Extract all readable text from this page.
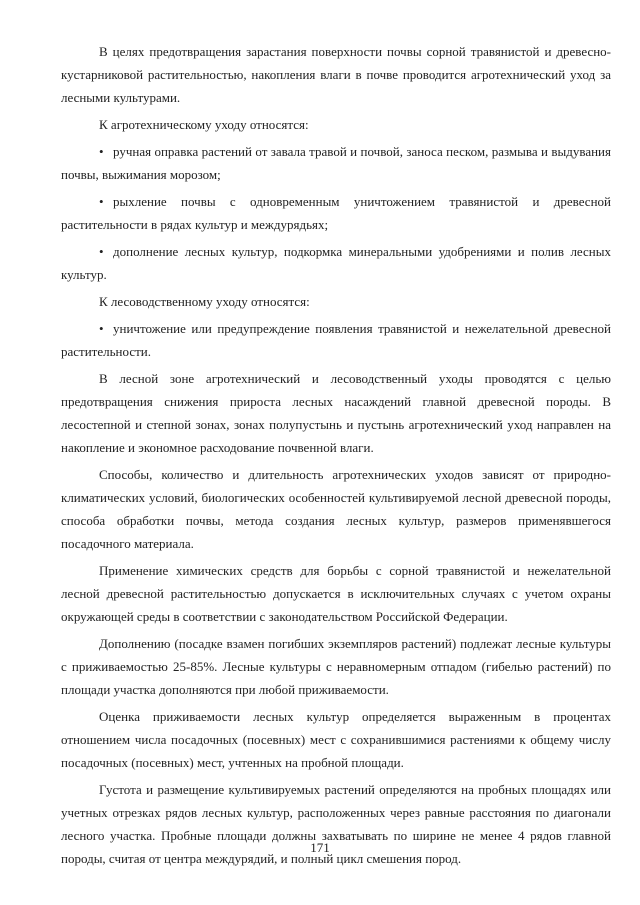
В целях предотвращения зарастания поверхности почвы сорной травянистой и древесно-кустарниковой растительностью, накопления влаги в почве проводится агротехнический уход за лесными культурами.

К агротехническому уходу относятся:

• ручная оправка растений от завала травой и почвой, заноса песком, размыва и выдувания почвы, выжимания морозом;

• рыхление почвы с одновременным уничтожением травянистой и древесной растительности в рядах культур и междурядьях;

• дополнение лесных культур, подкормка минеральными удобрениями и полив лесных культур.

К лесоводственному уходу относятся:

• уничтожение или предупреждение появления травянистой и нежелательной древесной растительности.

В лесной зоне агротехнический и лесоводственный уходы проводятся с целью предотвращения снижения прироста лесных насаждений главной древесной породы. В лесостепной и степной зонах, зонах полупустынь и пустынь агротехнический уход направлен на накопление и экономное расходование почвенной влаги.

Способы, количество и длительность агротехнических уходов зависят от природно-климатических условий, биологических особенностей культивируемой лесной древесной породы, способа обработки почвы, метода создания лесных культур, размеров применявшегося посадочного материала.

Применение химических средств для борьбы с сорной травянистой и нежелательной лесной древесной растительностью допускается в исключительных случаях с учетом охраны окружающей среды в соответствии с законодательством Российской Федерации.

Дополнению (посадке взамен погибших экземпляров растений) подлежат лесные культуры с приживаемостью 25-85%. Лесные культуры с неравномерным отпадом (гибелью растений) по площади участка дополняются при любой приживаемости.

Оценка приживаемости лесных культур определяется выраженным в процентах отношением числа посадочных (посевных) мест с сохранившимися растениями к общему числу посадочных (посевных) мест, учтенных на пробной площади.

Густота и размещение культивируемых растений определяются на пробных площадях или учетных отрезках рядов лесных культур, расположенных через равные расстояния по диагонали лесного участка. Пробные площади должны захватывать по ширине не менее 4 рядов главной породы, считая от центра междурядий, и полный цикл смешения пород.

171
